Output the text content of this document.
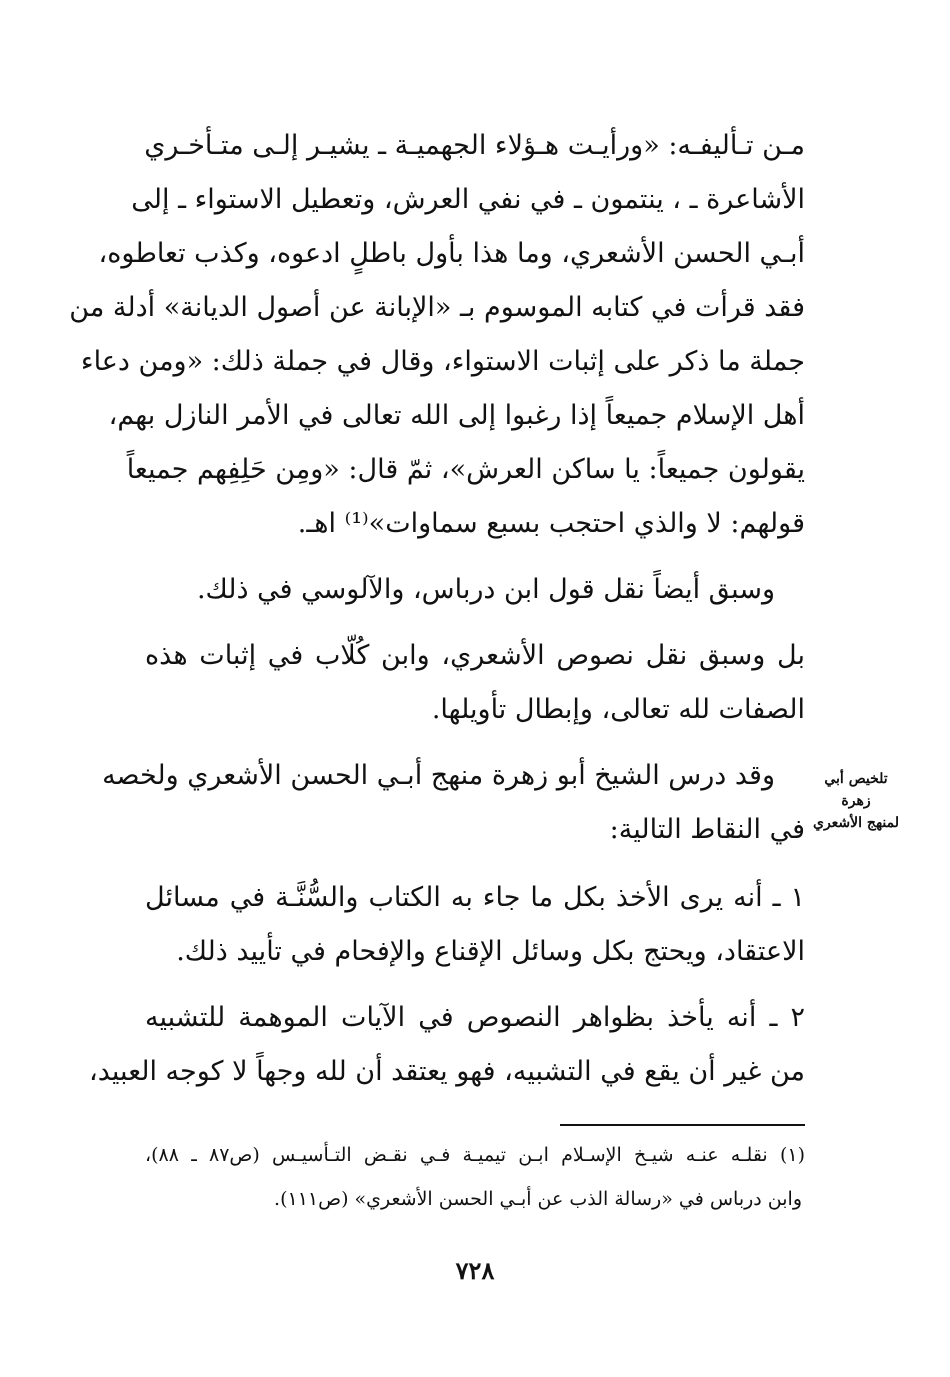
مـن تـأليفـه: «ورأيـت هـؤلاء الجهميـة ـ يشيـر إلـى متـأخـري
الأشاعرة ـ ، ينتمون ـ في نفي العرش، وتعطيل الاستواء ـ إلى
أبـي الحسن الأشعري، وما هذا بأول باطلٍ ادعوه، وكذب تعاطوه،
فقد قرأت في كتابه الموسوم بـ «الإبانة عن أصول الديانة» أدلة من
جملة ما ذكر على إثبات الاستواء، وقال في جملة ذلك: «ومن دعاء
أهل الإسلام جميعاً إذا رغبوا إلى الله تعالى في الأمر النازل بهم،
يقولون جميعاً: يا ساكن العرش»، ثمّ قال: «ومِن حَلِفِهم جميعاً
قولهم: لا والذي احتجب بسبع سماوات»⁽¹⁾ اهـ.
وسبق أيضاً نقل قول ابن درباس، والآلوسي في ذلك.
بل وسبق نقل نصوص الأشعري، وابن كُلّاب في إثبات هذه
الصفات لله تعالى، وإبطال تأويلها.
وقد درس الشيخ أبو زهرة منهج أبـي الحسن الأشعري ولخصه
في النقاط التالية:
تلخيص أبي زهرة
لمنهج الأشعري
١ ـ أنه يرى الأخذ بكل ما جاء به الكتاب والسُّنَّـة في مسائل
الاعتقاد، ويحتج بكل وسائل الإقناع والإفحام في تأييد ذلك.
٢ ـ أنه يأخذ بظواهر النصوص في الآيات الموهمة للتشبيه
من غير أن يقع في التشبيه، فهو يعتقد أن لله وجهاً لا كوجه العبيد،
(١) نقلـه عنـه شيـخ الإسـلام ابـن تيميـة فـي نقـض التـأسيـس (ص٨٧ ـ ٨٨)،
وابن درباس في «رسالة الذب عن أبـي الحسن الأشعري» (ص١١١).
٧٢٨
